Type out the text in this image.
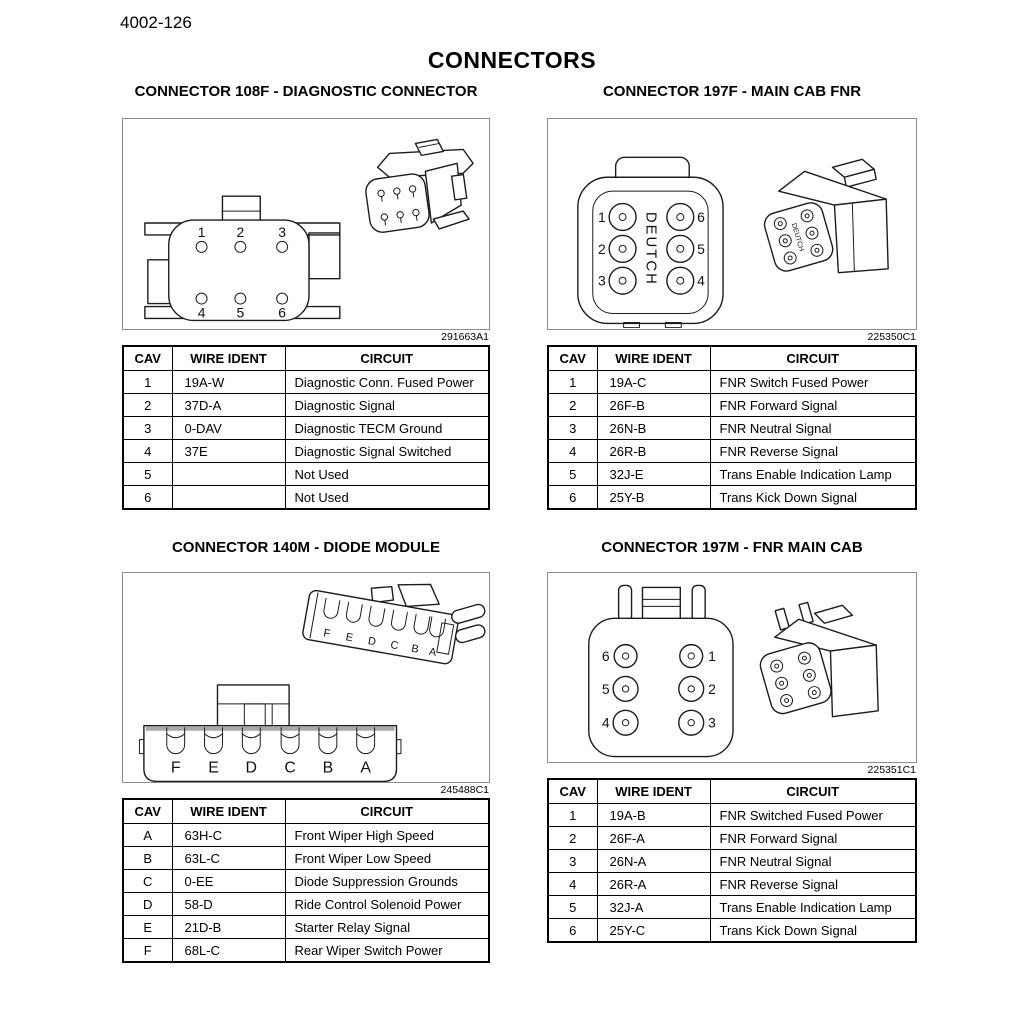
4002-126
CONNECTORS
CONNECTOR 108F - DIAGNOSTIC CONNECTOR
1 2 3
4 5 6
291663A1
CAV	WIRE IDENT	CIRCUIT
1	19A-W	Diagnostic Conn. Fused Power
2	37D-A	Diagnostic Signal
3	0-DAV	Diagnostic TECM Ground
4	37E	Diagnostic Signal Switched
5		Not Used
6		Not Used
CONNECTOR 197F - MAIN CAB FNR
1
2
3
6
5
4
DEUTCH	DEUTCH
225350C1
CAV	WIRE IDENT	CIRCUIT
1	19A-C	FNR Switch Fused Power
2	26F-B	FNR Forward Signal
3	26N-B	FNR Neutral Signal
4	26R-B	FNR Reverse Signal
5	32J-E	Trans Enable Indication Lamp
6	25Y-B	Trans Kick Down Signal
CONNECTOR 140M - DIODE MODULE
F E D C B A
F E D C B A
245488C1
CAV	WIRE IDENT	CIRCUIT
A	63H-C	Front Wiper High Speed
B	63L-C	Front Wiper Low Speed
C	0-EE	Diode Suppression Grounds
D	58-D	Ride Control Solenoid Power
E	21D-B	Starter Relay Signal
F	68L-C	Rear Wiper Switch Power
CONNECTOR 197M - FNR MAIN CAB
6
5
4
1
2
3
225351C1
CAV	WIRE IDENT	CIRCUIT
1	19A-B	FNR Switched Fused Power
2	26F-A	FNR Forward Signal
3	26N-A	FNR Neutral Signal
4	26R-A	FNR Reverse Signal
5	32J-A	Trans Enable Indication Lamp
6	25Y-C	Trans Kick Down Signal
